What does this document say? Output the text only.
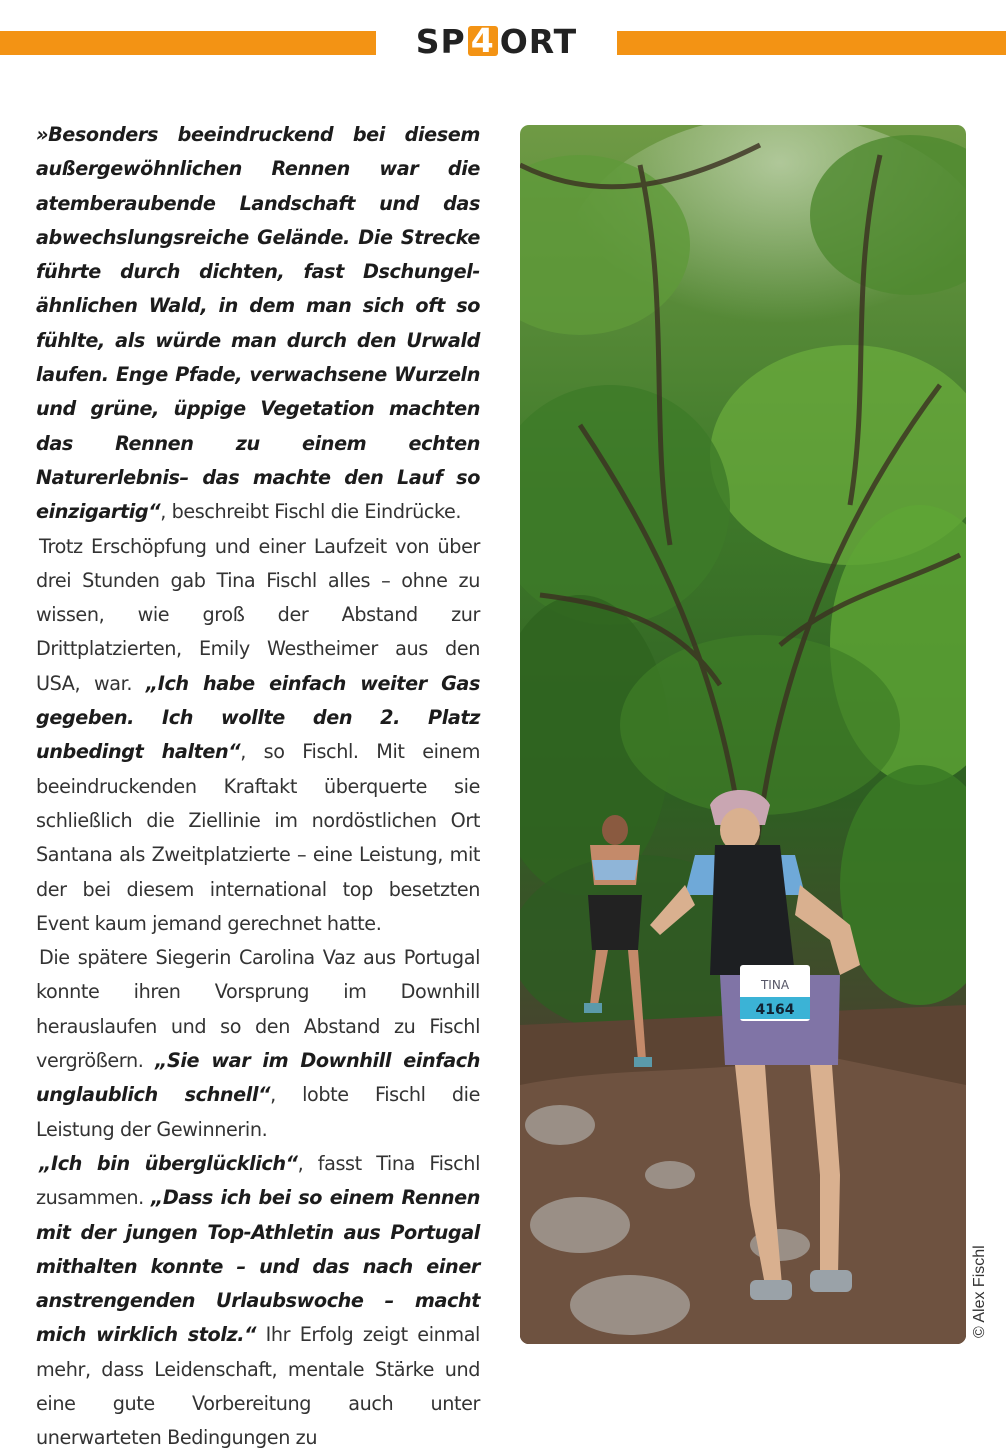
SP 4 ORT

»Besonders beeindruckend bei diesem außergewöhnlichen Rennen war die atemberaubende Landschaft und das abwechslungsreiche Gelände. Die Strecke führte durch dichten, fast Dschungel-ähnlichen Wald, in dem man sich oft so fühlte, als würde man durch den Urwald laufen. Enge Pfade, verwachsene Wurzeln und grüne, üppige Vegetation machten das Rennen zu einem echten Naturerlebnis– das machte den Lauf so einzigartig“, beschreibt Fischl die Eindrücke.

Trotz Erschöpfung und einer Laufzeit von über drei Stunden gab Tina Fischl alles – ohne zu wissen, wie groß der Abstand zur Drittplatzierten, Emily Westheimer aus den USA, war. „Ich habe einfach weiter Gas gegeben. Ich wollte den 2. Platz unbedingt halten“, so Fischl. Mit einem beeindruckenden Kraftakt überquerte sie schließlich die Ziellinie im nordöstlichen Ort Santana als Zweitplatzierte – eine Leistung, mit der bei diesem international top besetzten Event kaum jemand gerechnet hatte.

Die spätere Siegerin Carolina Vaz aus Portugal konnte ihren Vorsprung im Downhill herauslaufen und so den Abstand zu Fischl vergrößern. „Sie war im Downhill einfach unglaublich schnell“, lobte Fischl die Leistung der Gewinnerin.

„Ich bin überglücklich“, fasst Tina Fischl zusammen. „Dass ich bei so einem Rennen mit der jungen Top-Athletin aus Portugal mithalten konnte – und das nach einer anstrengenden Urlaubswoche – macht mich wirklich stolz.“ Ihr Erfolg zeigt einmal mehr, dass Leidenschaft, mentale Stärke und eine gute Vorbereitung auch unter unerwarteten Bedingungen zu

TINA
4164
© Alex Fischl
